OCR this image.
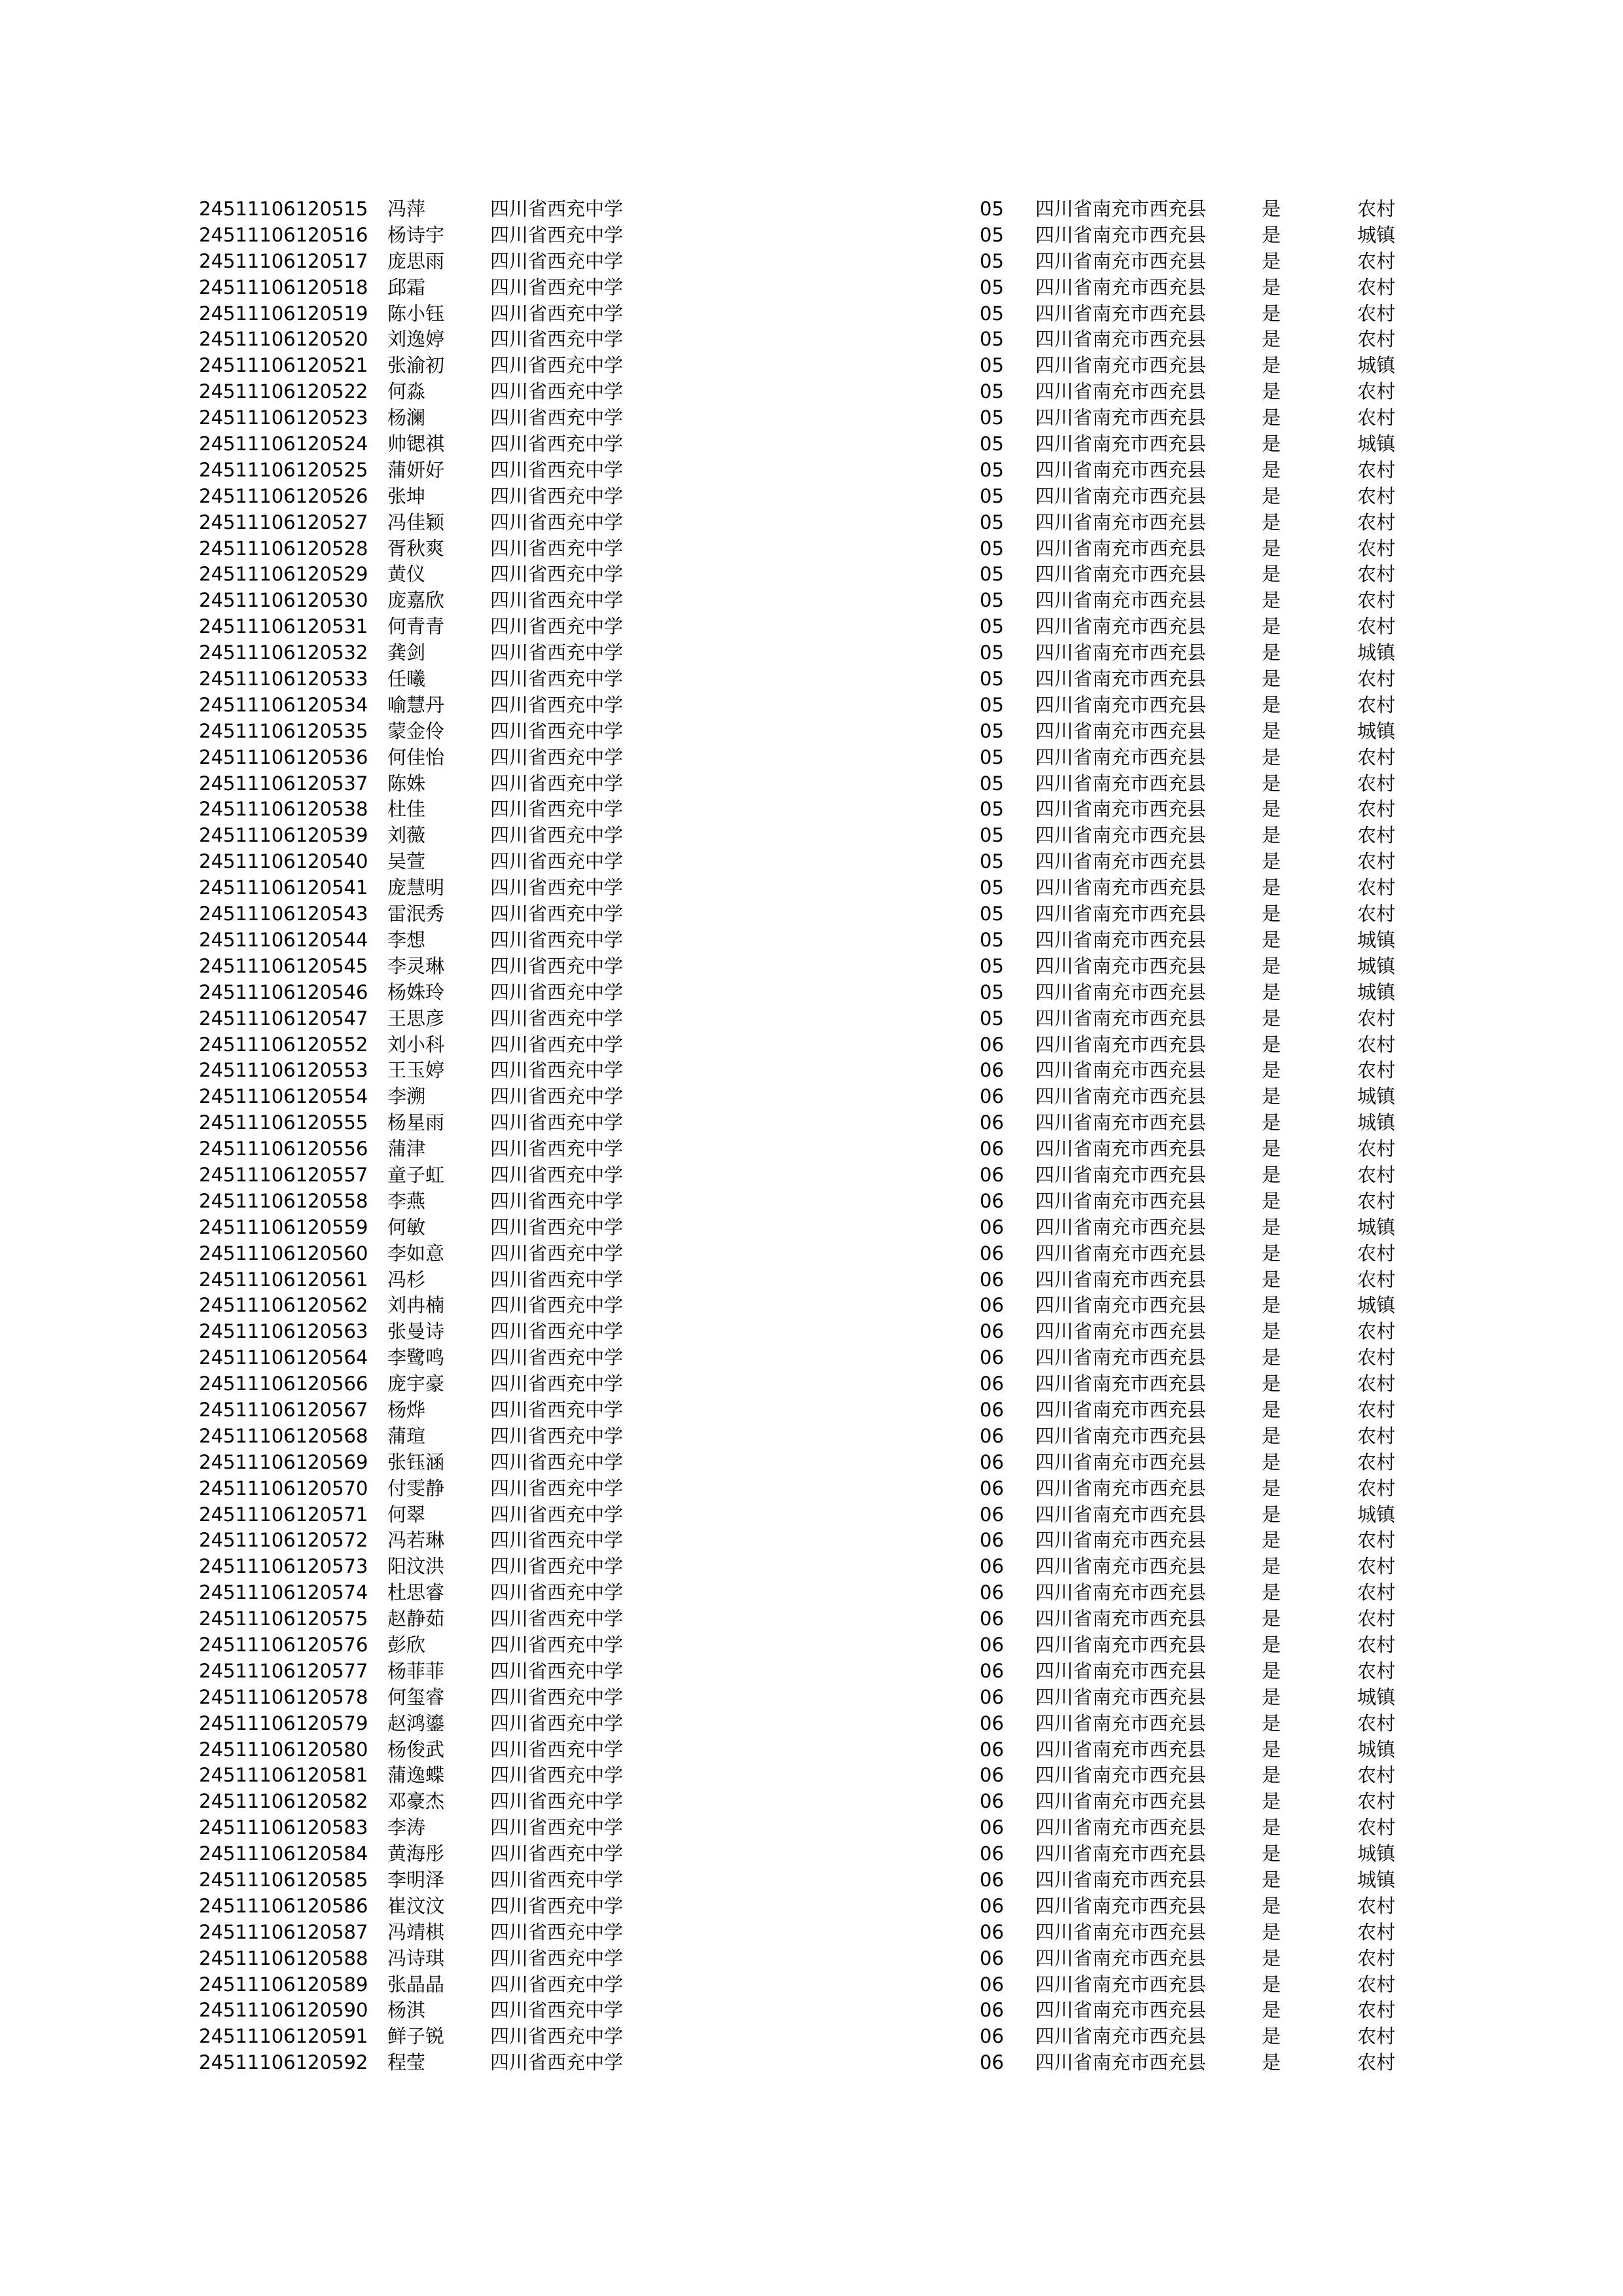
24511106120515 冯萍	四川省西充中学	05 四川省南充市西充县	是	农村
24511106120516 杨诗宇 四川省西充中学	05 四川省南充市西充县	是	城镇
24511106120517 庞思雨 四川省西充中学	05 四川省南充市西充县	是	农村
24511106120518 邱霜	四川省西充中学	05 四川省南充市西充县	是	农村
24511106120519 陈小钰 四川省西充中学	05 四川省南充市西充县	是	农村
24511106120520 刘逸婷 四川省西充中学	05 四川省南充市西充县	是	农村
24511106120521 张渝初 四川省西充中学	05 四川省南充市西充县	是	城镇
24511106120522 何淼	四川省西充中学	05 四川省南充市西充县	是	农村
24511106120523 杨澜	四川省西充中学	05 四川省南充市西充县	是	农村
24511106120524 帅锶祺 四川省西充中学	05 四川省南充市西充县	是	城镇
24511106120525 蒲妍好 四川省西充中学	05 四川省南充市西充县	是	农村
24511106120526 张坤	四川省西充中学	05 四川省南充市西充县	是	农村
24511106120527 冯佳颖 四川省西充中学	05 四川省南充市西充县	是	农村
24511106120528 胥秋爽 四川省西充中学	05 四川省南充市西充县	是	农村
24511106120529 黄仪	四川省西充中学	05 四川省南充市西充县	是	农村
24511106120530 庞嘉欣 四川省西充中学	05 四川省南充市西充县	是	农村
24511106120531 何青青 四川省西充中学	05 四川省南充市西充县	是	农村
24511106120532 龚剑	四川省西充中学	05 四川省南充市西充县	是	城镇
24511106120533 任曦	四川省西充中学	05 四川省南充市西充县	是	农村
24511106120534 喻慧丹 四川省西充中学	05 四川省南充市西充县	是	农村
24511106120535 蒙金伶 四川省西充中学	05 四川省南充市西充县	是	城镇
24511106120536 何佳怡 四川省西充中学	05 四川省南充市西充县	是	农村
24511106120537 陈姝	四川省西充中学	05 四川省南充市西充县	是	农村
24511106120538 杜佳	四川省西充中学	05 四川省南充市西充县	是	农村
24511106120539 刘薇	四川省西充中学	05 四川省南充市西充县	是	农村
24511106120540 吴萱	四川省西充中学	05 四川省南充市西充县	是	农村
24511106120541 庞慧明 四川省西充中学	05 四川省南充市西充县	是	农村
24511106120543 雷泯秀 四川省西充中学	05 四川省南充市西充县	是	农村
24511106120544 李想	四川省西充中学	05 四川省南充市西充县	是	城镇
24511106120545 李灵琳 四川省西充中学	05 四川省南充市西充县	是	城镇
24511106120546 杨姝玲 四川省西充中学	05 四川省南充市西充县	是	城镇
24511106120547 王思彦 四川省西充中学	05 四川省南充市西充县	是	农村
24511106120552 刘小科 四川省西充中学	06 四川省南充市西充县	是	农村
24511106120553 王玉婷 四川省西充中学	06 四川省南充市西充县	是	农村
24511106120554 李溯	四川省西充中学	06 四川省南充市西充县	是	城镇
24511106120555 杨星雨 四川省西充中学	06 四川省南充市西充县	是	城镇
24511106120556 蒲津	四川省西充中学	06 四川省南充市西充县	是	农村
24511106120557 童子虹 四川省西充中学	06 四川省南充市西充县	是	农村
24511106120558 李燕	四川省西充中学	06 四川省南充市西充县	是	农村
24511106120559 何敏	四川省西充中学	06 四川省南充市西充县	是	城镇
24511106120560 李如意 四川省西充中学	06 四川省南充市西充县	是	农村
24511106120561 冯杉	四川省西充中学	06 四川省南充市西充县	是	农村
24511106120562 刘冉楠 四川省西充中学	06 四川省南充市西充县	是	城镇
24511106120563 张曼诗 四川省西充中学	06 四川省南充市西充县	是	农村
24511106120564 李鹭鸣 四川省西充中学	06 四川省南充市西充县	是	农村
24511106120566 庞宇豪 四川省西充中学	06 四川省南充市西充县	是	农村
24511106120567 杨烨	四川省西充中学	06 四川省南充市西充县	是	农村
24511106120568 蒲瑄	四川省西充中学	06 四川省南充市西充县	是	农村
24511106120569 张钰涵 四川省西充中学	06 四川省南充市西充县	是	农村
24511106120570 付雯静 四川省西充中学	06 四川省南充市西充县	是	农村
24511106120571 何翠	四川省西充中学	06 四川省南充市西充县	是	城镇
24511106120572 冯若琳 四川省西充中学	06 四川省南充市西充县	是	农村
24511106120573 阳汶洪 四川省西充中学	06 四川省南充市西充县	是	农村
24511106120574 杜思睿 四川省西充中学	06 四川省南充市西充县	是	农村
24511106120575 赵静茹 四川省西充中学	06 四川省南充市西充县	是	农村
24511106120576 彭欣	四川省西充中学	06 四川省南充市西充县	是	农村
24511106120577 杨菲菲 四川省西充中学	06 四川省南充市西充县	是	农村
24511106120578 何玺睿 四川省西充中学	06 四川省南充市西充县	是	城镇
24511106120579 赵鸿鎏 四川省西充中学	06 四川省南充市西充县	是	农村
24511106120580 杨俊武 四川省西充中学	06 四川省南充市西充县	是	城镇
24511106120581 蒲逸蝶 四川省西充中学	06 四川省南充市西充县	是	农村
24511106120582 邓豪杰 四川省西充中学	06 四川省南充市西充县	是	农村
24511106120583 李涛	四川省西充中学	06 四川省南充市西充县	是	农村
24511106120584 黄海彤 四川省西充中学	06 四川省南充市西充县	是	城镇
24511106120585 李明泽 四川省西充中学	06 四川省南充市西充县	是	城镇
24511106120586 崔汶汶 四川省西充中学	06 四川省南充市西充县	是	农村
24511106120587 冯靖棋 四川省西充中学	06 四川省南充市西充县	是	农村
24511106120588 冯诗琪 四川省西充中学	06 四川省南充市西充县	是	农村
24511106120589 张晶晶 四川省西充中学	06 四川省南充市西充县	是	农村
24511106120590 杨淇	四川省西充中学	06 四川省南充市西充县	是	农村
24511106120591 鲜子锐 四川省西充中学	06 四川省南充市西充县	是	农村
24511106120592 程莹	四川省西充中学	06 四川省南充市西充县	是	农村
